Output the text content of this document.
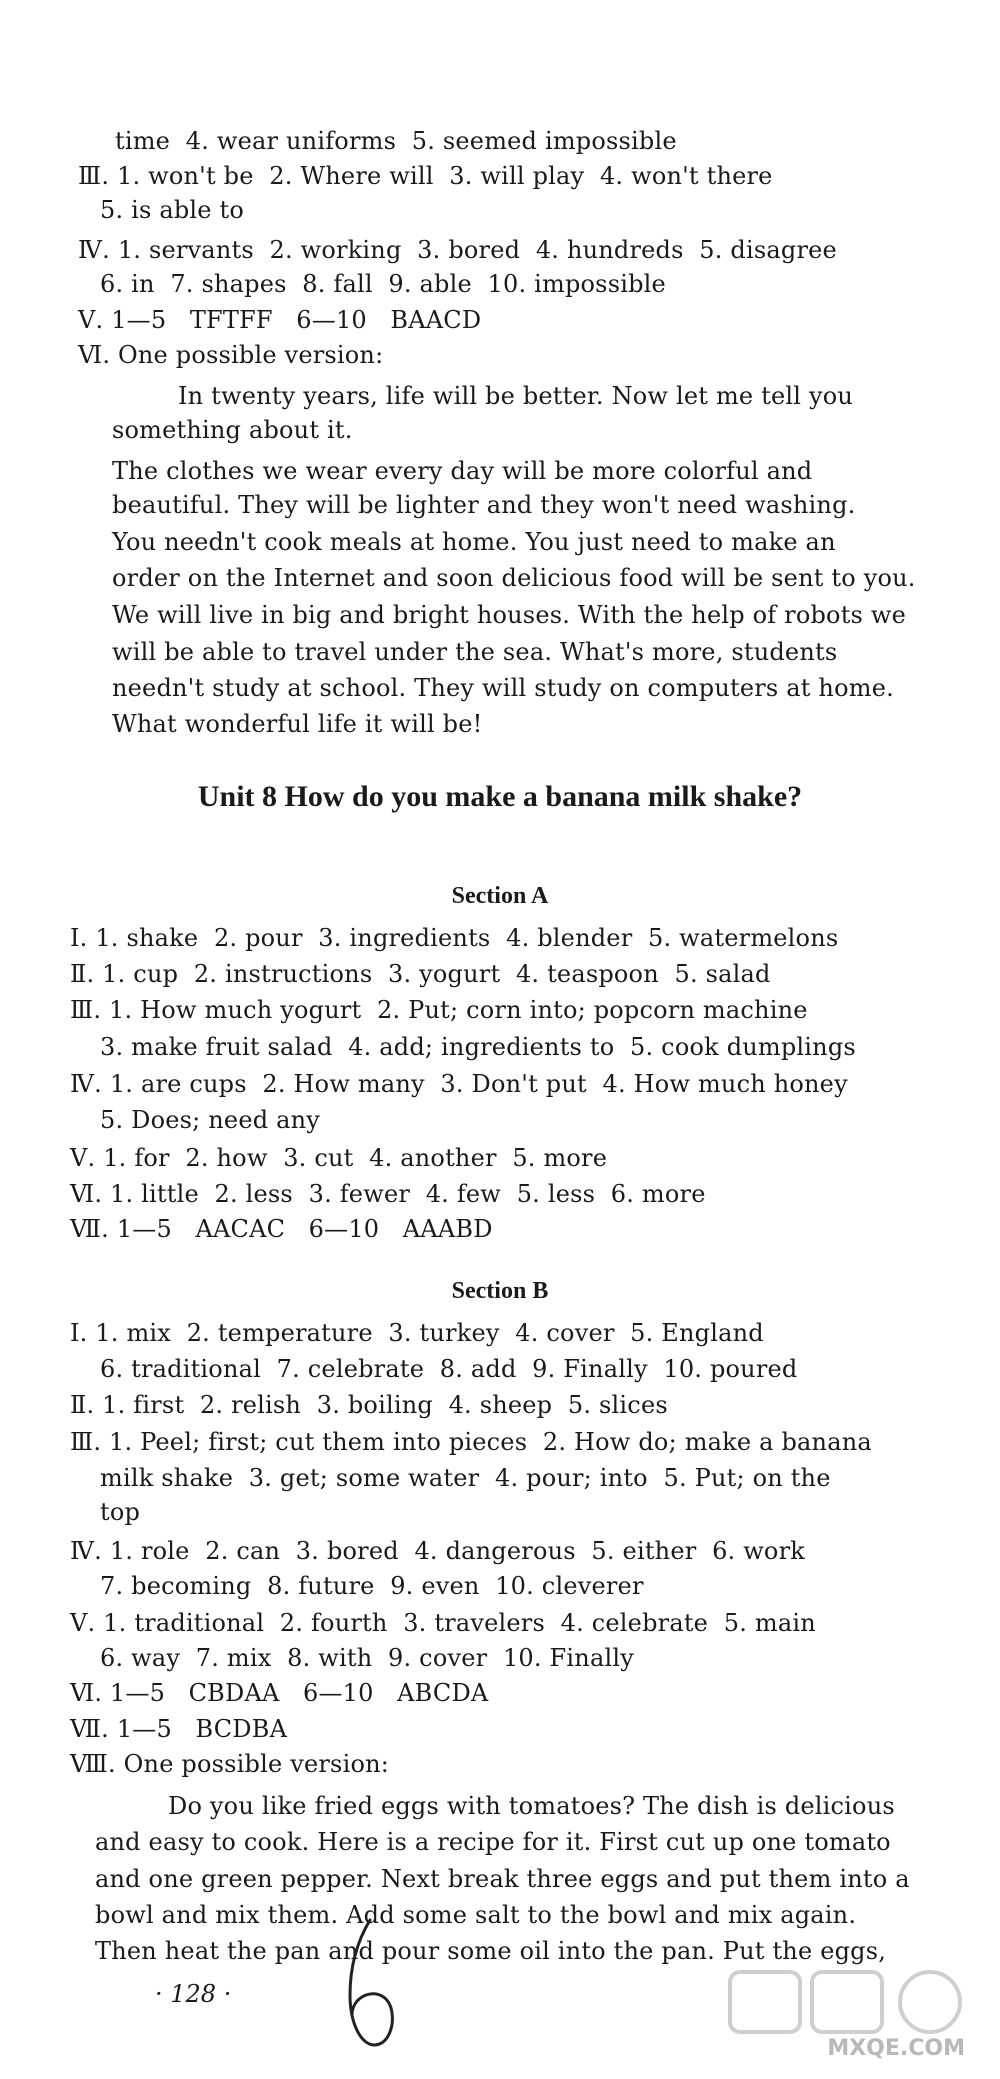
time  4. wear uniforms  5. seemed impossible
Ⅲ. 1. won't be  2. Where will  3. will play  4. won't there
5. is able to
Ⅳ. 1. servants  2. working  3. bored  4. hundreds  5. disagree
6. in  7. shapes  8. fall  9. able  10. impossible
Ⅴ. 1—5   TFTFF   6—10   BAACD
Ⅵ. One possible version:
In twenty years, life will be better. Now let me tell you
something about it.
The clothes we wear every day will be more colorful and
beautiful. They will be lighter and they won't need washing.
You needn't cook meals at home. You just need to make an
order on the Internet and soon delicious food will be sent to you.
We will live in big and bright houses. With the help of robots we
will be able to travel under the sea. What's more, students
needn't study at school. They will study on computers at home.
What wonderful life it will be!
Ⅰ. 1. shake  2. pour  3. ingredients  4. blender  5. watermelons
Ⅱ. 1. cup  2. instructions  3. yogurt  4. teaspoon  5. salad
Ⅲ. 1. How much yogurt  2. Put; corn into; popcorn machine
3. make fruit salad  4. add; ingredients to  5. cook dumplings
Ⅳ. 1. are cups  2. How many  3. Don't put  4. How much honey
5. Does; need any
Ⅴ. 1. for  2. how  3. cut  4. another  5. more
Ⅵ. 1. little  2. less  3. fewer  4. few  5. less  6. more
Ⅶ. 1—5   AACAC   6—10   AAABD
Ⅰ. 1. mix  2. temperature  3. turkey  4. cover  5. England
6. traditional  7. celebrate  8. add  9. Finally  10. poured
Ⅱ. 1. first  2. relish  3. boiling  4. sheep  5. slices
Ⅲ. 1. Peel; first; cut them into pieces  2. How do; make a banana
milk shake  3. get; some water  4. pour; into  5. Put; on the
top
Ⅳ. 1. role  2. can  3. bored  4. dangerous  5. either  6. work
7. becoming  8. future  9. even  10. cleverer
Ⅴ. 1. traditional  2. fourth  3. travelers  4. celebrate  5. main
6. way  7. mix  8. with  9. cover  10. Finally
Ⅵ. 1—5   CBDAA   6—10   ABCDA
Ⅶ. 1—5   BCDBA
Ⅷ. One possible version:
Do you like fried eggs with tomatoes? The dish is delicious
and easy to cook. Here is a recipe for it. First cut up one tomato
and one green pepper. Next break three eggs and put them into a
bowl and mix them. Add some salt to the bowl and mix again.
Then heat the pan and pour some oil into the pan. Put the eggs,
Unit 8 How do you make a banana milk shake?
Section A
Section B
· 128 ·
MXQE.COM
